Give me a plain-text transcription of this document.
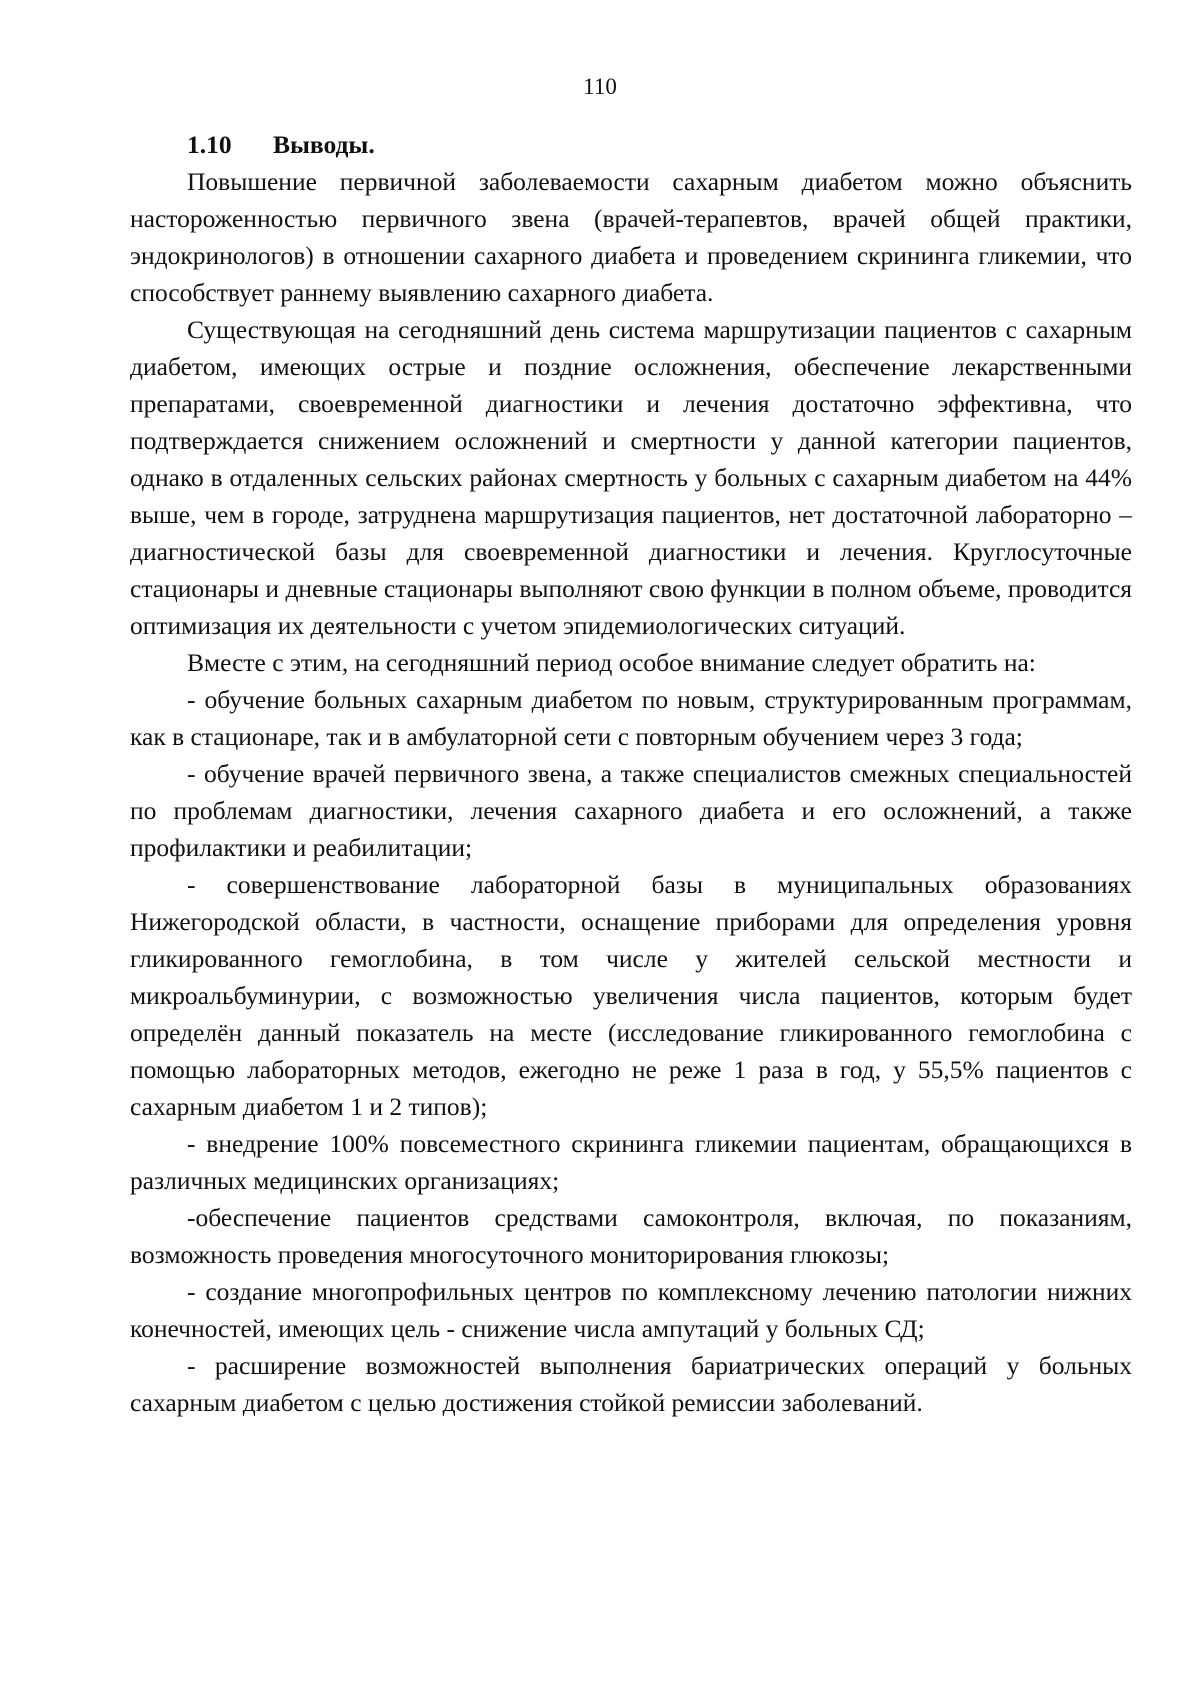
110

1.10 Выводы.

Повышение первичной заболеваемости сахарным диабетом можно объяснить настороженностью первичного звена (врачей-терапевтов, врачей общей практики, эндокринологов) в отношении сахарного диабета и проведением скрининга гликемии, что способствует раннему выявлению сахарного диабета.

Существующая на сегодняшний день система маршрутизации пациентов с сахарным диабетом, имеющих острые и поздние осложнения, обеспечение лекарственными препаратами, своевременной диагностики и лечения достаточно эффективна, что подтверждается снижением осложнений и смертности у данной категории пациентов, однако в отдаленных сельских районах смертность у больных с сахарным диабетом на 44% выше, чем в городе, затруднена маршрутизация пациентов, нет достаточной лабораторно – диагностической базы для своевременной диагностики и лечения. Круглосуточные стационары и дневные стационары выполняют свою функции в полном объеме, проводится оптимизация их деятельности с учетом эпидемиологических ситуаций.

Вместе с этим, на сегодняшний период особое внимание следует обратить на:

- обучение больных сахарным диабетом по новым, структурированным программам, как в стационаре, так и в амбулаторной сети с повторным обучением через 3 года;

- обучение врачей первичного звена, а также специалистов смежных специальностей по проблемам диагностики, лечения сахарного диабета и его осложнений, а также профилактики и реабилитации;

- совершенствование лабораторной базы в муниципальных образованиях Нижегородской области, в частности, оснащение приборами для определения уровня гликированного гемоглобина, в том числе у жителей сельской местности и микроальбуминурии, с возможностью увеличения числа пациентов, которым будет определён данный показатель на месте (исследование гликированного гемоглобина с помощью лабораторных методов, ежегодно не реже 1 раза в год, у 55,5% пациентов с сахарным диабетом 1 и 2 типов);

- внедрение 100% повсеместного скрининга гликемии пациентам, обращающихся в различных медицинских организациях;

-обеспечение пациентов средствами самоконтроля, включая, по показаниям, возможность проведения многосуточного мониторирования глюкозы;

- создание многопрофильных центров по комплексному лечению патологии нижних конечностей, имеющих цель - снижение числа ампутаций у больных СД;

- расширение возможностей выполнения бариатрических операций у больных сахарным диабетом с целью достижения стойкой ремиссии заболеваний.
